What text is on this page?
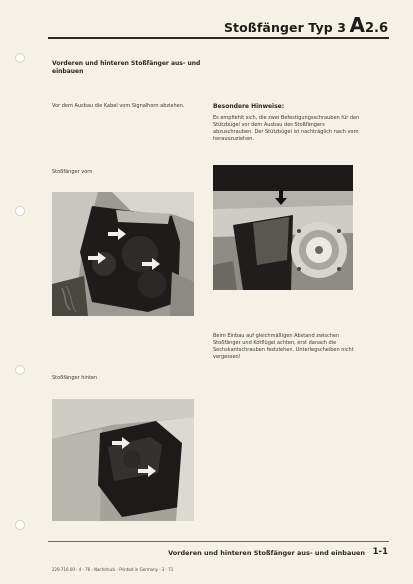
Stoßfänger Typ 3 A2.6
Vorderen und hinteren Stoßfänger aus- und einbauen
Vor dem Ausbau die Kabel vom Signalhorn abziehen.	Besondere Hinweise:
Es empfiehlt sich, die zwei Befestigungsschrauben für den Stützbügel vor dem Ausbau des Stoßfängers abzuschrauben. Der Stützbügel ist nachträglich nach vorn herauszuziehen.
Stoßfänger vorn
Beim Einbau auf gleichmäßigen Abstand zwischen Stoßfänger und Kotflügel achten, erst danach die Sechskantschrauben festziehen. Unterlegscheiben nicht vergessen!
Stoßfänger hinten
Vorderen und hinteren Stoßfänger aus- und einbauen 1-1
229.716.00 · 4 · 76 · Nachdruck · Printed in Germany · 3 · 71
